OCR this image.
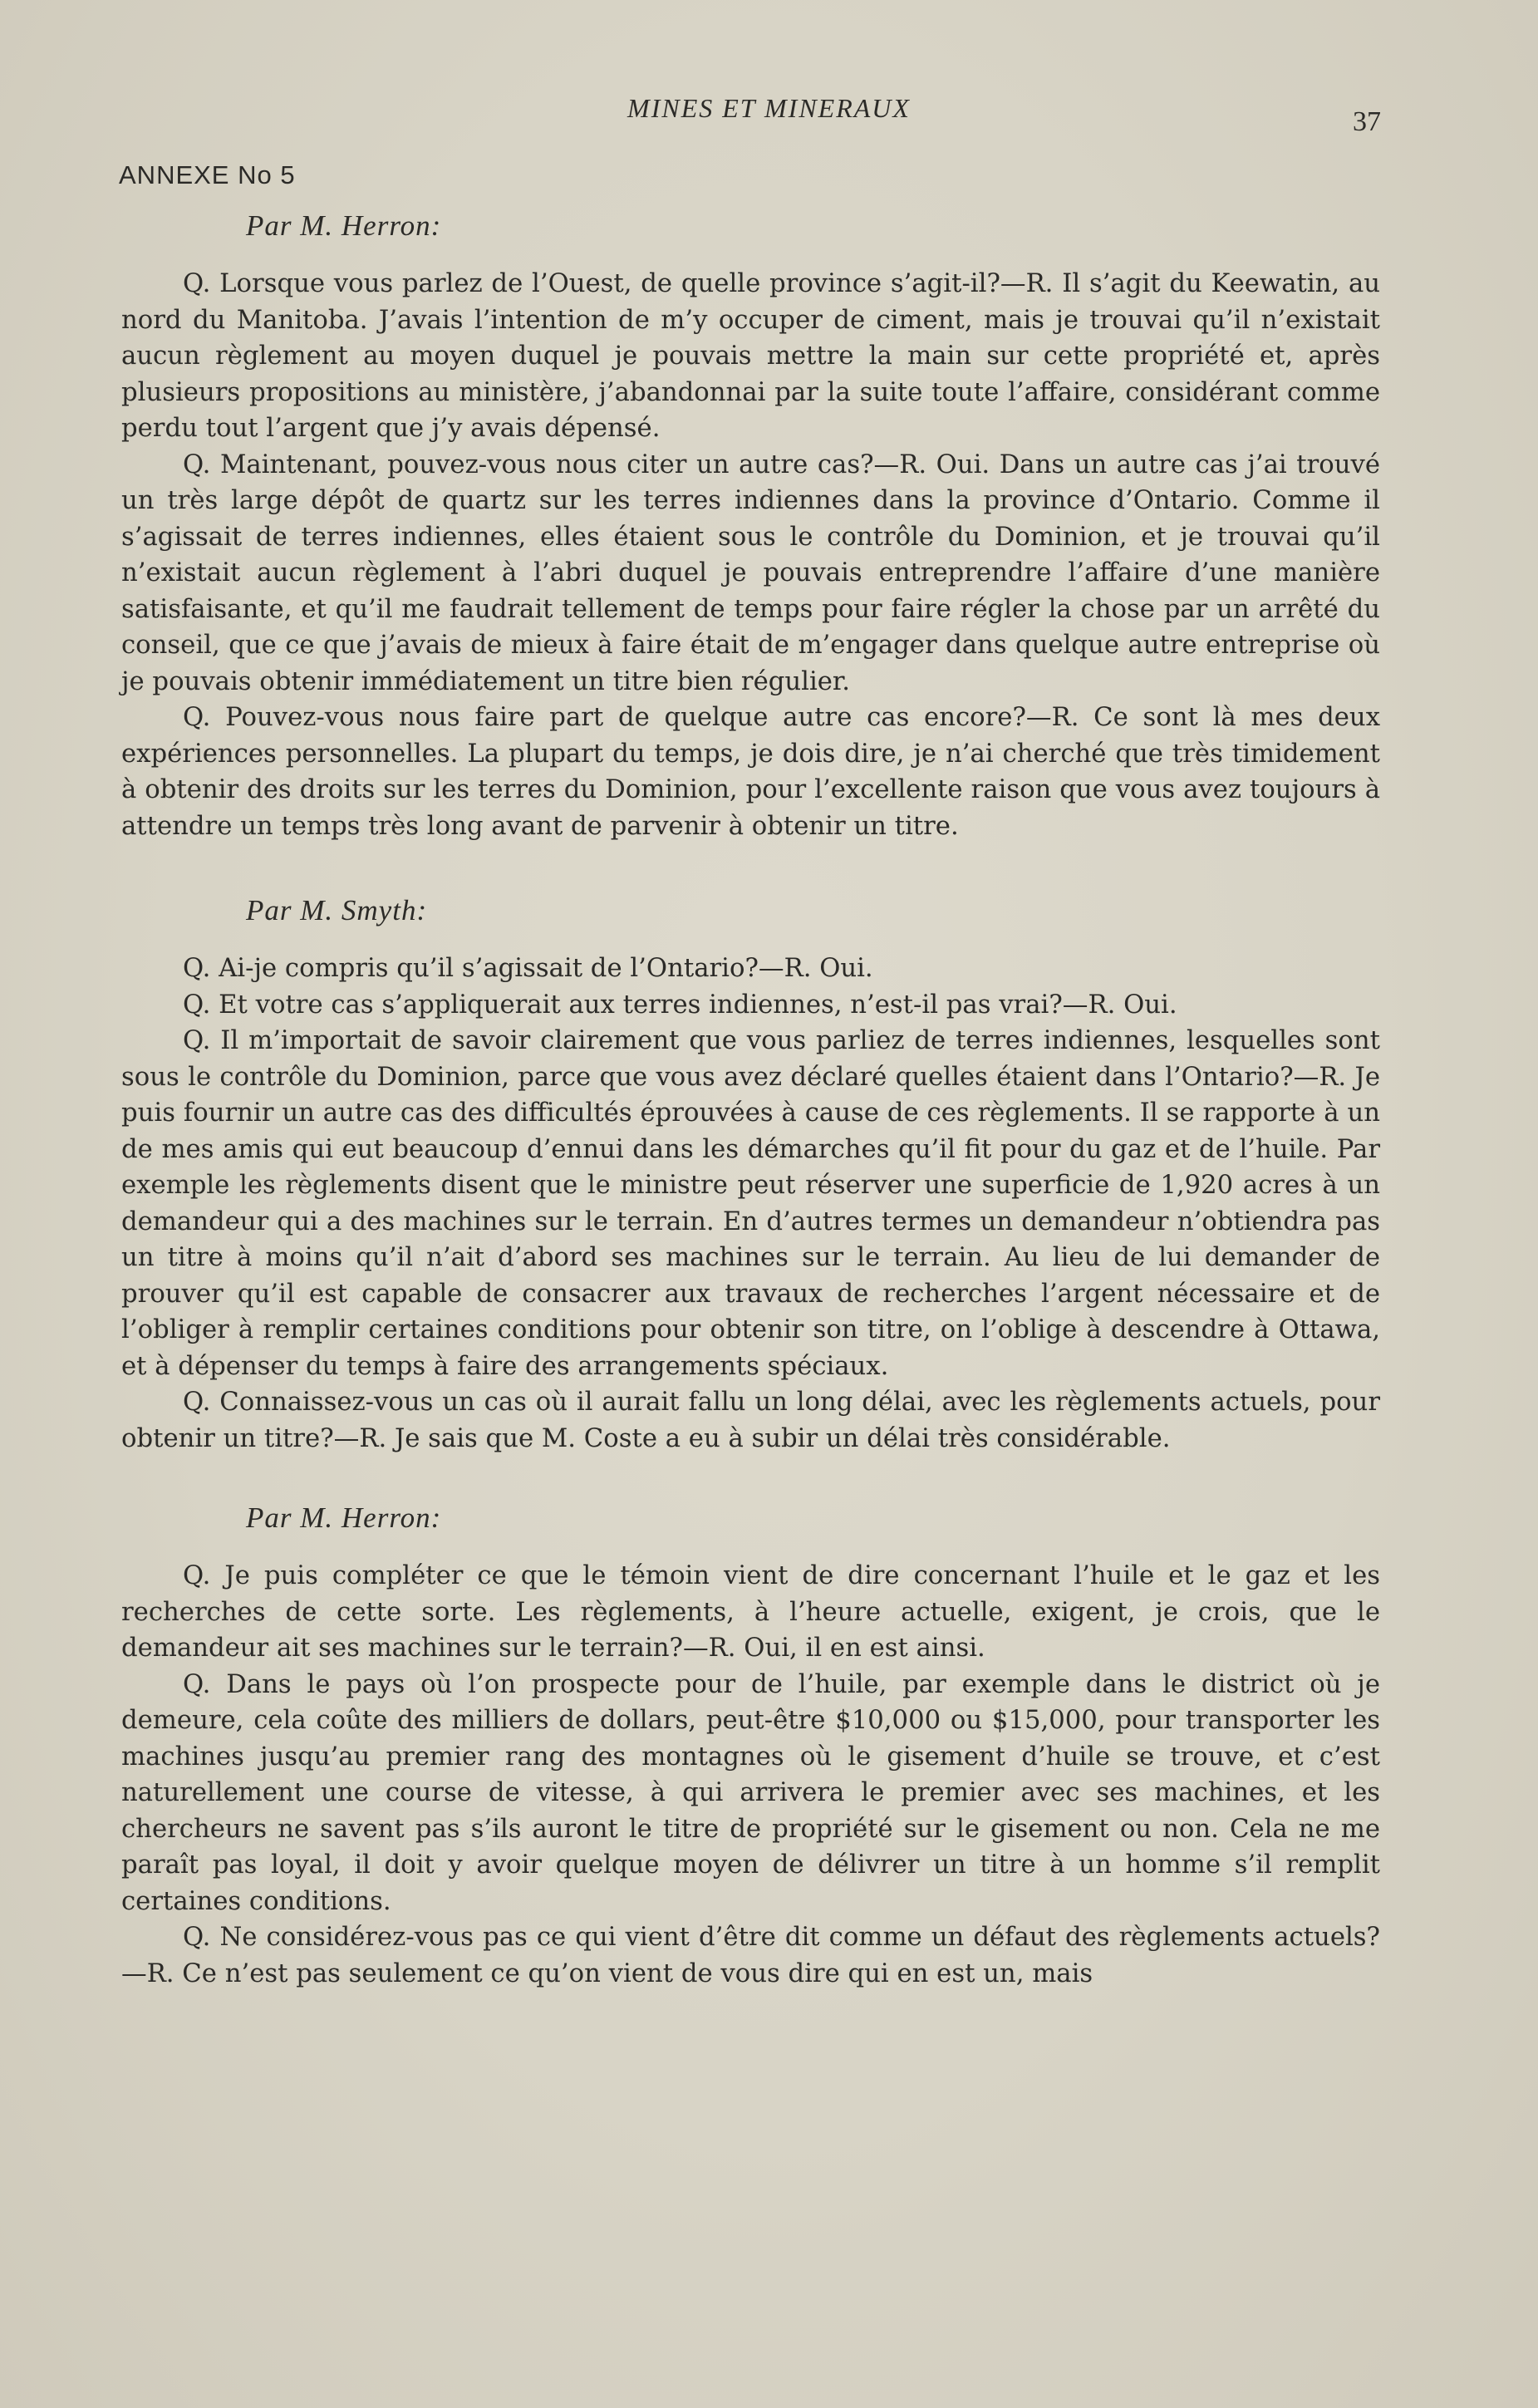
MINES ET MINERAUX	37
ANNEXE No 5
Par M. Herron:

Q. Lorsque vous parlez de l’Ouest, de quelle province s’agit-il?—R. Il s’agit du Keewatin, au nord du Manitoba. J’avais l’intention de m’y occuper de ciment, mais je trouvai qu’il n’existait aucun règlement au moyen duquel je pouvais mettre la main sur cette propriété et, après plusieurs propositions au ministère, j’abandonnai par la suite toute l’affaire, considérant comme perdu tout l’argent que j’y avais dépensé.

Q. Maintenant, pouvez-vous nous citer un autre cas?—R. Oui. Dans un autre cas j’ai trouvé un très large dépôt de quartz sur les terres indiennes dans la province d’Ontario. Comme il s’agissait de terres indiennes, elles étaient sous le contrôle du Dominion, et je trouvai qu’il n’existait aucun règlement à l’abri duquel je pouvais entreprendre l’affaire d’une manière satisfaisante, et qu’il me faudrait tellement de temps pour faire régler la chose par un arrêté du conseil, que ce que j’avais de mieux à faire était de m’engager dans quelque autre entreprise où je pouvais obtenir immédiatement un titre bien régulier.

Q. Pouvez-vous nous faire part de quelque autre cas encore?—R. Ce sont là mes deux expériences personnelles. La plupart du temps, je dois dire, je n’ai cherché que très timidement à obtenir des droits sur les terres du Dominion, pour l’excellente raison que vous avez toujours à attendre un temps très long avant de parvenir à obtenir un titre.

Par M. Smyth:

Q. Ai-je compris qu’il s’agissait de l’Ontario?—R. Oui.

Q. Et votre cas s’appliquerait aux terres indiennes, n’est-il pas vrai?—R. Oui.

Q. Il m’importait de savoir clairement que vous parliez de terres indiennes, lesquelles sont sous le contrôle du Dominion, parce que vous avez déclaré quelles étaient dans l’Ontario?—R. Je puis fournir un autre cas des difficultés éprouvées à cause de ces règlements. Il se rapporte à un de mes amis qui eut beaucoup d’ennui dans les démarches qu’il fit pour du gaz et de l’huile. Par exemple les règlements disent que le ministre peut réserver une superficie de 1,920 acres à un demandeur qui a des machines sur le terrain. En d’autres termes un demandeur n’obtiendra pas un titre à moins qu’il n’ait d’abord ses machines sur le terrain. Au lieu de lui demander de prouver qu’il est capable de consacrer aux travaux de recherches l’argent nécessaire et de l’obliger à remplir certaines conditions pour obtenir son titre, on l’oblige à descendre à Ottawa, et à dépenser du temps à faire des arrangements spéciaux.

Q. Connaissez-vous un cas où il aurait fallu un long délai, avec les règlements actuels, pour obtenir un titre?—R. Je sais que M. Coste a eu à subir un délai très considérable.

Par M. Herron:

Q. Je puis compléter ce que le témoin vient de dire concernant l’huile et le gaz et les recherches de cette sorte. Les règlements, à l’heure actuelle, exigent, je crois, que le demandeur ait ses machines sur le terrain?—R. Oui, il en est ainsi.

Q. Dans le pays où l’on prospecte pour de l’huile, par exemple dans le district où je demeure, cela coûte des milliers de dollars, peut-être $10,000 ou $15,000, pour transporter les machines jusqu’au premier rang des montagnes où le gisement d’huile se trouve, et c’est naturellement une course de vitesse, à qui arrivera le premier avec ses machines, et les chercheurs ne savent pas s’ils auront le titre de propriété sur le gisement ou non. Cela ne me paraît pas loyal, il doit y avoir quelque moyen de délivrer un titre à un homme s’il remplit certaines conditions.

Q. Ne considérez-vous pas ce qui vient d’être dit comme un défaut des règlements actuels?—R. Ce n’est pas seulement ce qu’on vient de vous dire qui en est un, mais
